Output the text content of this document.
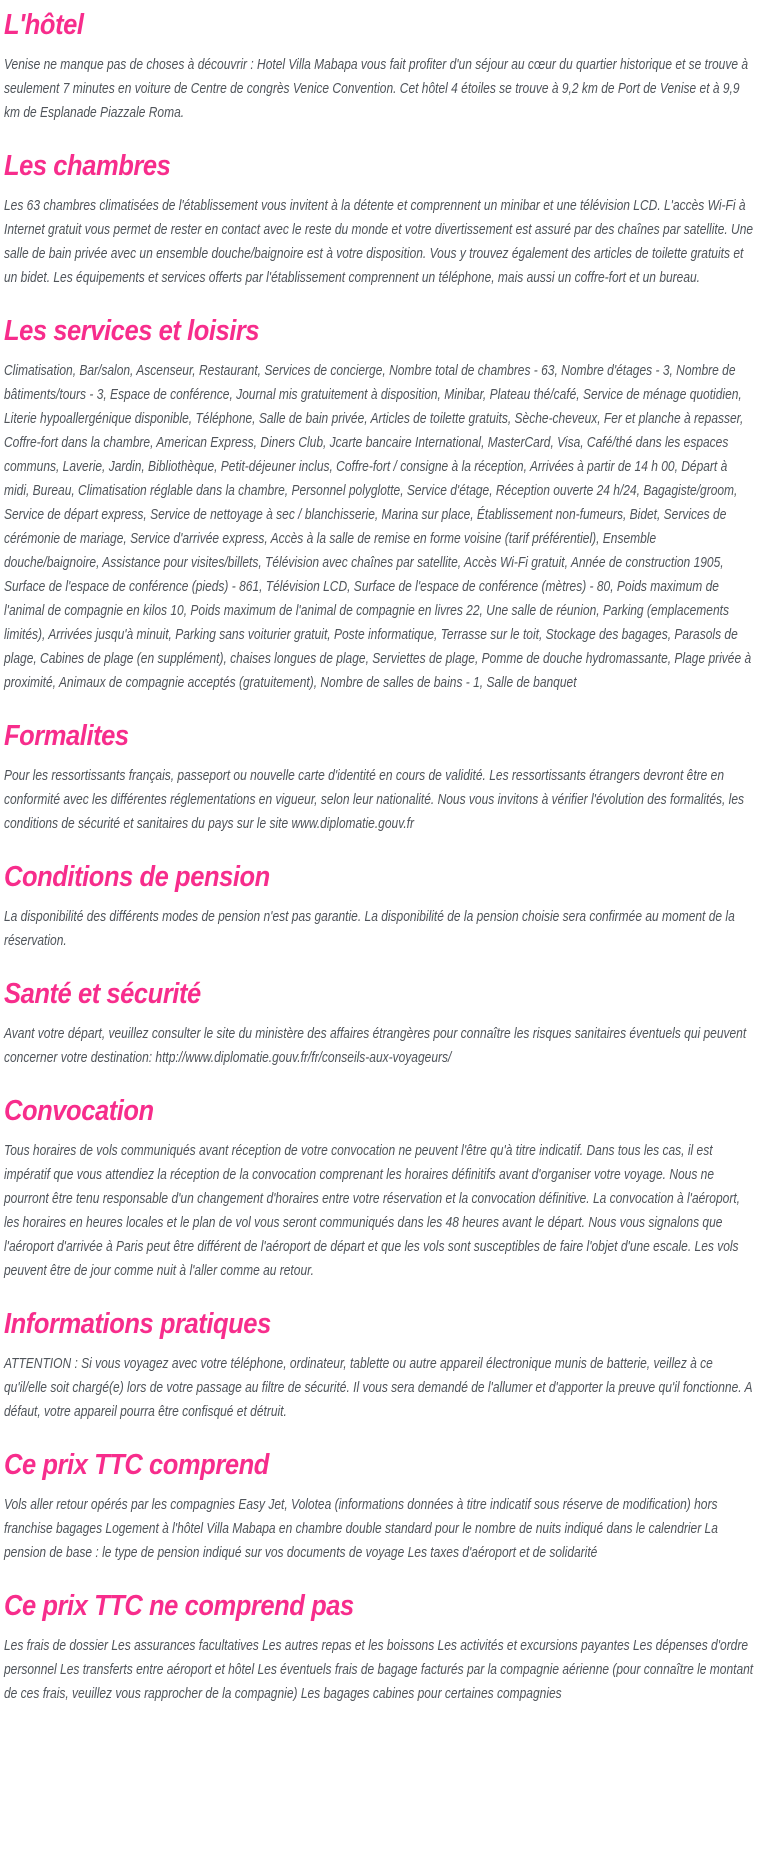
L'hôtel

Venise ne manque pas de choses à découvrir : Hotel Villa Mabapa vous fait profiter d'un séjour au cœur du quartier historique et se trouve à seulement 7 minutes en voiture de Centre de congrès Venice Convention. Cet hôtel 4 étoiles se trouve à 9,2 km de Port de Venise et à 9,9 km de Esplanade Piazzale Roma.

Les chambres

Les 63 chambres climatisées de l'établissement vous invitent à la détente et comprennent un minibar et une télévision LCD. L'accès Wi-Fi à Internet gratuit vous permet de rester en contact avec le reste du monde et votre divertissement est assuré par des chaînes par satellite. Une salle de bain privée avec un ensemble douche/baignoire est à votre disposition. Vous y trouvez également des articles de toilette gratuits et un bidet. Les équipements et services offerts par l'établissement comprennent un téléphone, mais aussi un coffre-fort et un bureau.

Les services et loisirs

Climatisation, Bar/salon, Ascenseur, Restaurant, Services de concierge, Nombre total de chambres - 63, Nombre d'étages - 3, Nombre de bâtiments/tours - 3, Espace de conférence, Journal mis gratuitement à disposition, Minibar, Plateau thé/café, Service de ménage quotidien, Literie hypoallergénique disponible, Téléphone, Salle de bain privée, Articles de toilette gratuits, Sèche-cheveux, Fer et planche à repasser, Coffre-fort dans la chambre, American Express, Diners Club, Jcarte bancaire International, MasterCard, Visa, Café/thé dans les espaces communs, Laverie, Jardin, Bibliothèque, Petit-déjeuner inclus, Coffre-fort / consigne à la réception, Arrivées à partir de 14 h 00, Départ à midi, Bureau, Climatisation réglable dans la chambre, Personnel polyglotte, Service d'étage, Réception ouverte 24 h/24, Bagagiste/groom, Service de départ express, Service de nettoyage à sec / blanchisserie, Marina sur place, Établissement non-fumeurs, Bidet, Services de cérémonie de mariage, Service d'arrivée express, Accès à la salle de remise en forme voisine (tarif préférentiel), Ensemble douche/baignoire, Assistance pour visites/billets, Télévision avec chaînes par satellite, Accès Wi-Fi gratuit, Année de construction 1905, Surface de l'espace de conférence (pieds) - 861, Télévision LCD, Surface de l'espace de conférence (mètres) - 80, Poids maximum de l'animal de compagnie en kilos 10, Poids maximum de l'animal de compagnie en livres 22, Une salle de réunion, Parking (emplacements limités), Arrivées jusqu'à minuit, Parking sans voiturier gratuit, Poste informatique, Terrasse sur le toit, Stockage des bagages, Parasols de plage, Cabines de plage (en supplément), chaises longues de plage, Serviettes de plage, Pomme de douche hydromassante, Plage privée à proximité, Animaux de compagnie acceptés (gratuitement), Nombre de salles de bains - 1, Salle de banquet

Formalites

Pour les ressortissants français, passeport ou nouvelle carte d'identité en cours de validité. Les ressortissants étrangers devront être en conformité avec les différentes réglementations en vigueur, selon leur nationalité. Nous vous invitons à vérifier l'évolution des formalités, les conditions de sécurité et sanitaires du pays sur le site www.diplomatie.gouv.fr

Conditions de pension

La disponibilité des différents modes de pension n'est pas garantie. La disponibilité de la pension choisie sera confirmée au moment de la réservation.

Santé et sécurité

Avant votre départ, veuillez consulter le site du ministère des affaires étrangères pour connaître les risques sanitaires éventuels qui peuvent concerner votre destination: http://www.diplomatie.gouv.fr/fr/conseils-aux-voyageurs/

Convocation

Tous horaires de vols communiqués avant réception de votre convocation ne peuvent l'être qu'à titre indicatif. Dans tous les cas, il est impératif que vous attendiez la réception de la convocation comprenant les horaires définitifs avant d'organiser votre voyage. Nous ne pourront être tenu responsable d'un changement d'horaires entre votre réservation et la convocation définitive. La convocation à l'aéroport, les horaires en heures locales et le plan de vol vous seront communiqués dans les 48 heures avant le départ. Nous vous signalons que l'aéroport d'arrivée à Paris peut être différent de l'aéroport de départ et que les vols sont susceptibles de faire l'objet d'une escale. Les vols peuvent être de jour comme nuit à l'aller comme au retour.

Informations pratiques

ATTENTION : Si vous voyagez avec votre téléphone, ordinateur, tablette ou autre appareil électronique munis de batterie, veillez à ce qu'il/elle soit chargé(e) lors de votre passage au filtre de sécurité. Il vous sera demandé de l'allumer et d'apporter la preuve qu'il fonctionne. A défaut, votre appareil pourra être confisqué et détruit.

Ce prix TTC comprend

Vols aller retour opérés par les compagnies Easy Jet, Volotea (informations données à titre indicatif sous réserve de modification) hors franchise bagages Logement à l'hôtel Villa Mabapa en chambre double standard pour le nombre de nuits indiqué dans le calendrier La pension de base : le type de pension indiqué sur vos documents de voyage Les taxes d'aéroport et de solidarité

Ce prix TTC ne comprend pas

Les frais de dossier Les assurances facultatives Les autres repas et les boissons Les activités et excursions payantes Les dépenses d'ordre personnel Les transferts entre aéroport et hôtel Les éventuels frais de bagage facturés par la compagnie aérienne (pour connaître le montant de ces frais, veuillez vous rapprocher de la compagnie) Les bagages cabines pour certaines compagnies
